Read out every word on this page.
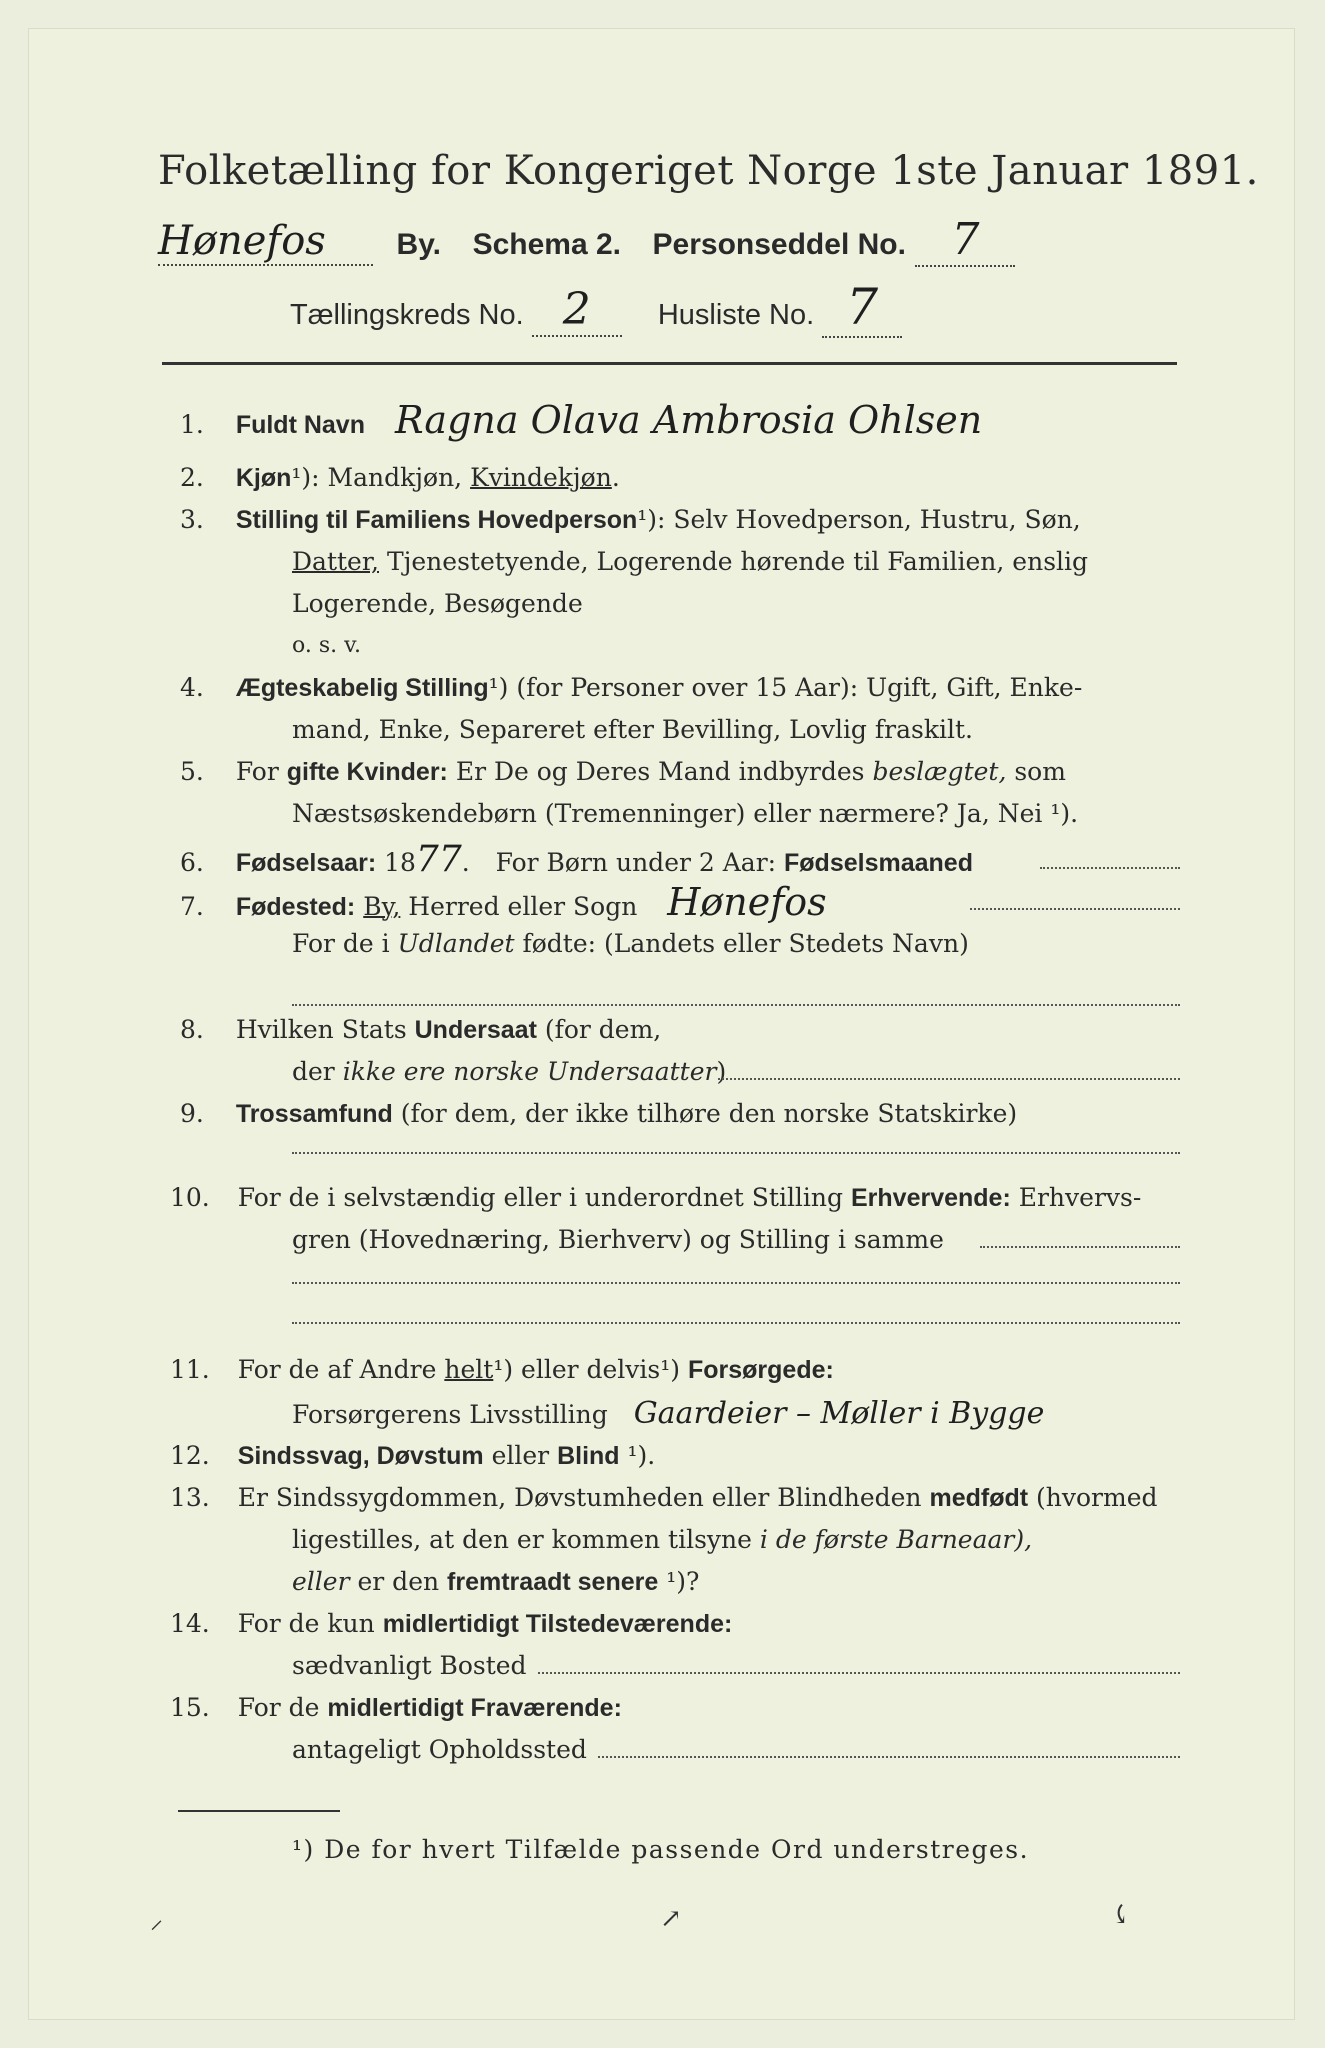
Folketælling for Kongeriget Norge 1ste Januar 1891.
Hønefos By. Schema 2. Personseddel No. 7
Tællingskreds No. 2 Husliste No. 7
1. Fuldt Navn Ragna Olava Ambrosia Ohlsen
2. Kjøn¹): Mandkjøn, Kvindekjøn.
3. Stilling til Familiens Hovedperson¹): Selv Hovedperson, Hustru, Søn,
Datter, Tjenestetyende, Logerende hørende til Familien, enslig
Logerende, Besøgende
o. s. v.
4. Ægteskabelig Stilling¹) (for Personer over 15 Aar): Ugift, Gift, Enke-
mand, Enke, Separeret efter Bevilling, Lovlig fraskilt.
5. For gifte Kvinder: Er De og Deres Mand indbyrdes beslægtet, som
Næstsøskendebørn (Tremenninger) eller nærmere? Ja, Nei ¹).
6. Fødselsaar: 1877. For Børn under 2 Aar: Fødselsmaaned
7. Fødested: By, Herred eller Sogn Hønefos
For de i Udlandet fødte: (Landets eller Stedets Navn)
8. Hvilken Stats Undersaat (for dem,
der ikke ere norske Undersaatter)
9. Trossamfund (for dem, der ikke tilhøre den norske Statskirke)
10. For de i selvstændig eller i underordnet Stilling Erhvervende: Erhvervs-
gren (Hovednæring, Bierhverv) og Stilling i samme
11. For de af Andre helt¹) eller delvis¹) Forsørgede:
Forsørgerens Livsstilling Gaardeier – Møller i Bygge
12. Sindssvag, Døvstum eller Blind ¹).
13. Er Sindssygdommen, Døvstumheden eller Blindheden medfødt (hvormed
ligestilles, at den er kommen tilsyne i de første Barneaar),
eller er den fremtraadt senere ¹)?
14. For de kun midlertidigt Tilstedeværende:
sædvanligt Bosted
15. For de midlertidigt Fraværende:
antageligt Opholdssted
¹) De for hvert Tilfælde passende Ord understreges.
⸝	↗	⤹
